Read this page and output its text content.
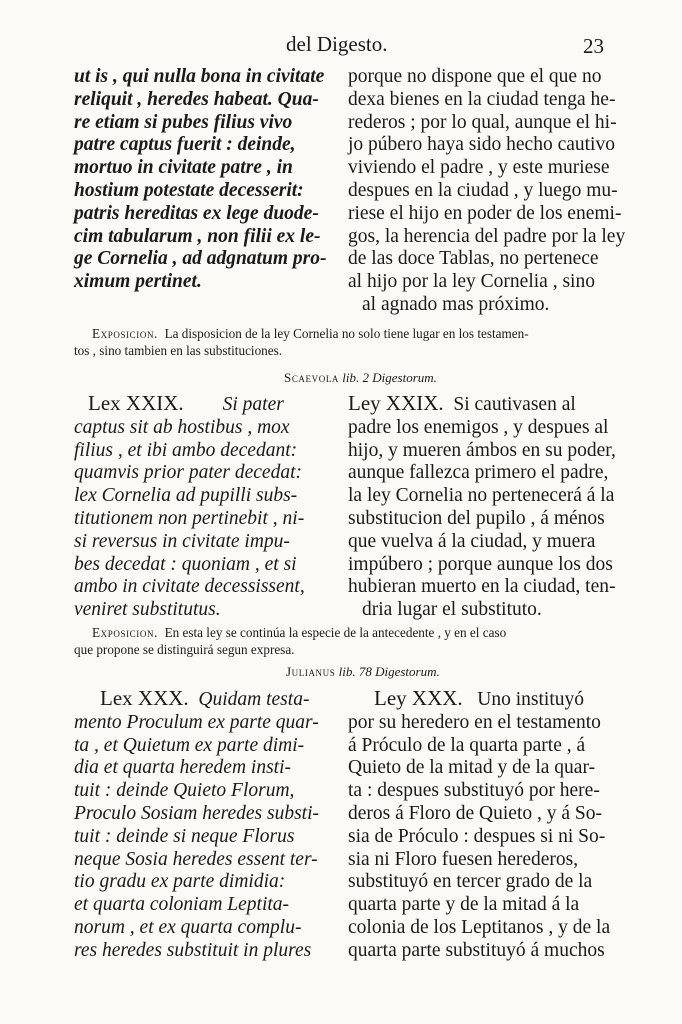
del Digesto.	23
ut is , qui nulla bona in civitate
reliquit , heredes habeat. Qua-
re etiam si pubes filius vivo
patre captus fuerit : deinde,
mortuo in civitate patre , in
hostium potestate decesserit:
patris hereditas ex lege duode-
cim tabularum , non filii ex le-
ge Cornelia , ad adgnatum pro-
ximum pertinet.
porque no dispone que el que no
dexa bienes en la ciudad tenga he-
rederos ; por lo qual, aunque el hi-
jo púbero haya sido hecho cautivo
viviendo el padre , y este muriese
despues en la ciudad , y luego mu-
riese el hijo en poder de los enemi-
gos, la herencia del padre por la ley
de las doce Tablas, no pertenece
al hijo por la ley Cornelia , sino
al agnado mas próximo.
Exposicion. La disposicion de la ley Cornelia no solo tiene lugar en los testamen-
tos , sino tambien en las substituciones.
Scaevola lib. 2 Digestorum.
Lex XXIX. Si pater
captus sit ab hostibus , mox
filius , et ibi ambo decedant:
quamvis prior pater decedat:
lex Cornelia ad pupilli subs-
titutionem non pertinebit , ni-
si reversus in civitate impu-
bes decedat : quoniam , et si
ambo in civitate decessissent,
veniret substitutus.
Ley XXIX. Si cautivasen al
padre los enemigos , y despues al
hijo, y mueren ámbos en su poder,
aunque fallezca primero el padre,
la ley Cornelia no pertenecerá á la
substitucion del pupilo , á ménos
que vuelva á la ciudad, y muera
impúbero ; porque aunque los dos
hubieran muerto en la ciudad, ten-
dria lugar el substituto.
Exposicion. En esta ley se continúa la especie de la antecedente , y en el caso
que propone se distinguirá segun expresa.
Julianus lib. 78 Digestorum.
Lex XXX. Quidam testa-
mento Proculum ex parte quar-
ta , et Quietum ex parte dimi-
dia et quarta heredem insti-
tuit : deinde Quieto Florum,
Proculo Sosiam heredes substi-
tuit : deinde si neque Florus
neque Sosia heredes essent ter-
tio gradu ex parte dimidia:
et quarta coloniam Leptita-
norum , et ex quarta complu-
res heredes substituit in plures
Ley XXX. Uno instituyó
por su heredero en el testamento
á Próculo de la quarta parte , á
Quieto de la mitad y de la quar-
ta : despues substituyó por here-
deros á Floro de Quieto , y á So-
sia de Próculo : despues si ni So-
sia ni Floro fuesen herederos,
substituyó en tercer grado de la
quarta parte y de la mitad á la
colonia de los Leptitanos , y de la
quarta parte substituyó á muchos
